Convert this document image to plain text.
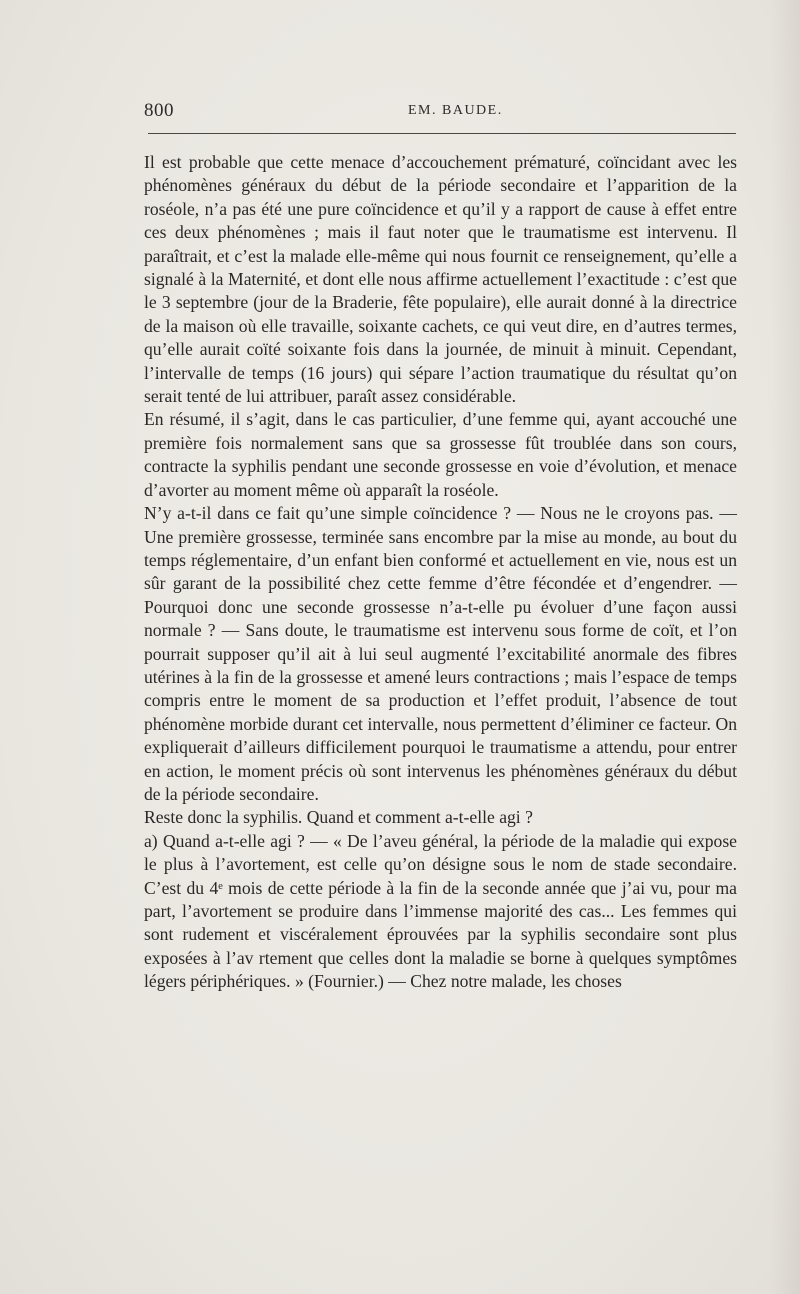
800	EM. BAUDE.

Il est probable que cette menace d’accouchement prématuré, coïncidant avec les phénomènes généraux du début de la période secondaire et l’apparition de la roséole, n’a pas été une pure coïncidence et qu’il y a rapport de cause à effet entre ces deux phénomènes ; mais il faut noter que le traumatisme est intervenu. Il paraîtrait, et c’est la malade elle-même qui nous fournit ce renseignement, qu’elle a signalé à la Maternité, et dont elle nous affirme actuellement l’exactitude : c’est que le 3 septembre (jour de la Braderie, fête populaire), elle aurait donné à la directrice de la maison où elle travaille, soixante cachets, ce qui veut dire, en d’autres termes, qu’elle aurait coïté soixante fois dans la journée, de minuit à minuit. Cependant, l’intervalle de temps (16 jours) qui sépare l’action traumatique du résultat qu’on serait tenté de lui attribuer, paraît assez considérable.

En résumé, il s’agit, dans le cas particulier, d’une femme qui, ayant accouché une première fois normalement sans que sa grossesse fût troublée dans son cours, contracte la syphilis pendant une seconde grossesse en voie d’évolution, et menace d’avorter au moment même où apparaît la roséole.

N’y a-t-il dans ce fait qu’une simple coïncidence ? — Nous ne le croyons pas. — Une première grossesse, terminée sans encombre par la mise au monde, au bout du temps réglementaire, d’un enfant bien conformé et actuellement en vie, nous est un sûr garant de la possibilité chez cette femme d’être fécondée et d’engendrer. — Pourquoi donc une seconde grossesse n’a-t-elle pu évoluer d’une façon aussi normale ? — Sans doute, le traumatisme est intervenu sous forme de coït, et l’on pourrait supposer qu’il ait à lui seul augmenté l’excitabilité anormale des fibres utérines à la fin de la grossesse et amené leurs contractions ; mais l’espace de temps compris entre le moment de sa production et l’effet produit, l’absence de tout phénomène morbide durant cet intervalle, nous permettent d’éliminer ce facteur. On expliquerait d’ailleurs difficilement pourquoi le traumatisme a attendu, pour entrer en action, le moment précis où sont intervenus les phénomènes généraux du début de la période secondaire.

Reste donc la syphilis. Quand et comment a-t-elle agi ?

a) Quand a-t-elle agi ? — « De l’aveu général, la période de la maladie qui expose le plus à l’avortement, est celle qu’on désigne sous le nom de stade secondaire. C’est du 4ᵉ mois de cette période à la fin de la seconde année que j’ai vu, pour ma part, l’avortement se produire dans l’immense majorité des cas... Les femmes qui sont rudement et viscéralement éprouvées par la syphilis secondaire sont plus exposées à l’av rtement que celles dont la maladie se borne à quelques symptômes légers périphériques. » (Fournier.) — Chez notre malade, les choses
